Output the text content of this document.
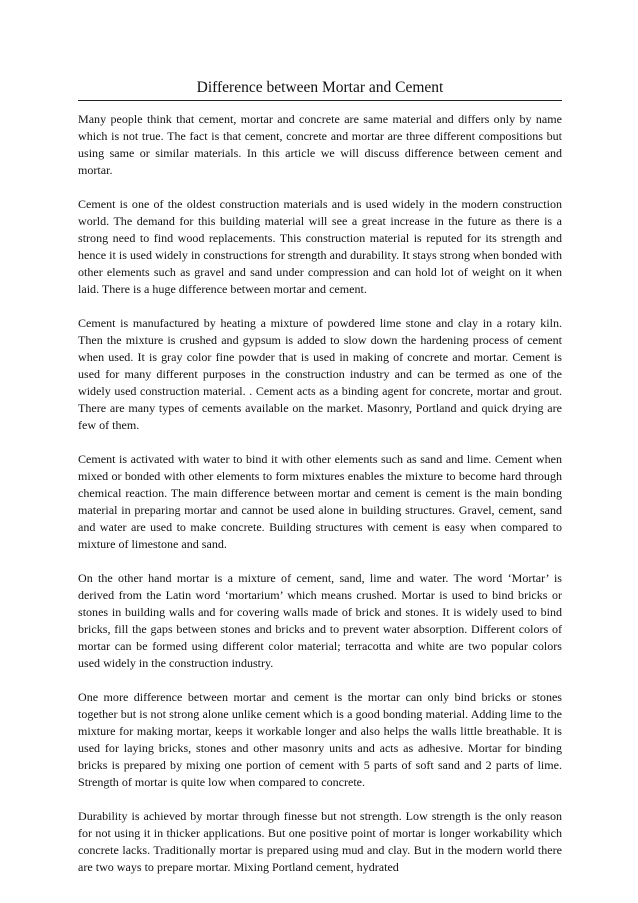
Difference between Mortar and Cement

Many people think that cement, mortar and concrete are same material and differs only by name which is not true. The fact is that cement, concrete and mortar are three different compositions but using same or similar materials. In this article we will discuss difference between cement and mortar.

Cement is one of the oldest construction materials and is used widely in the modern construction world. The demand for this building material will see a great increase in the future as there is a strong need to find wood replacements. This construction material is reputed for its strength and hence it is used widely in constructions for strength and durability. It stays strong when bonded with other elements such as gravel and sand under compression and can hold lot of weight on it when laid. There is a huge difference between mortar and cement.

Cement is manufactured by heating a mixture of powdered lime stone and clay in a rotary kiln. Then the mixture is crushed and gypsum is added to slow down the hardening process of cement when used. It is gray color fine powder that is used in making of concrete and mortar. Cement is used for many different purposes in the construction industry and can be termed as one of the widely used construction material. . Cement acts as a binding agent for concrete, mortar and grout. There are many types of cements available on the market. Masonry, Portland and quick drying are few of them.

Cement is activated with water to bind it with other elements such as sand and lime. Cement when mixed or bonded with other elements to form mixtures enables the mixture to become hard through chemical reaction. The main difference between mortar and cement is cement is the main bonding material in preparing mortar and cannot be used alone in building structures. Gravel, cement, sand and water are used to make concrete. Building structures with cement is easy when compared to mixture of limestone and sand.

On the other hand mortar is a mixture of cement, sand, lime and water. The word ‘Mortar’ is derived from the Latin word ‘mortarium’ which means crushed. Mortar is used to bind bricks or stones in building walls and for covering walls made of brick and stones. It is widely used to bind bricks, fill the gaps between stones and bricks and to prevent water absorption. Different colors of mortar can be formed using different color material; terracotta and white are two popular colors used widely in the construction industry.

One more difference between mortar and cement is the mortar can only bind bricks or stones together but is not strong alone unlike cement which is a good bonding material. Adding lime to the mixture for making mortar, keeps it workable longer and also helps the walls little breathable. It is used for laying bricks, stones and other masonry units and acts as adhesive. Mortar for binding bricks is prepared by mixing one portion of cement with 5 parts of soft sand and 2 parts of lime. Strength of mortar is quite low when compared to concrete.

Durability is achieved by mortar through finesse but not strength. Low strength is the only reason for not using it in thicker applications. But one positive point of mortar is longer workability which concrete lacks. Traditionally mortar is prepared using mud and clay. But in the modern world there are two ways to prepare mortar. Mixing Portland cement, hydrated
